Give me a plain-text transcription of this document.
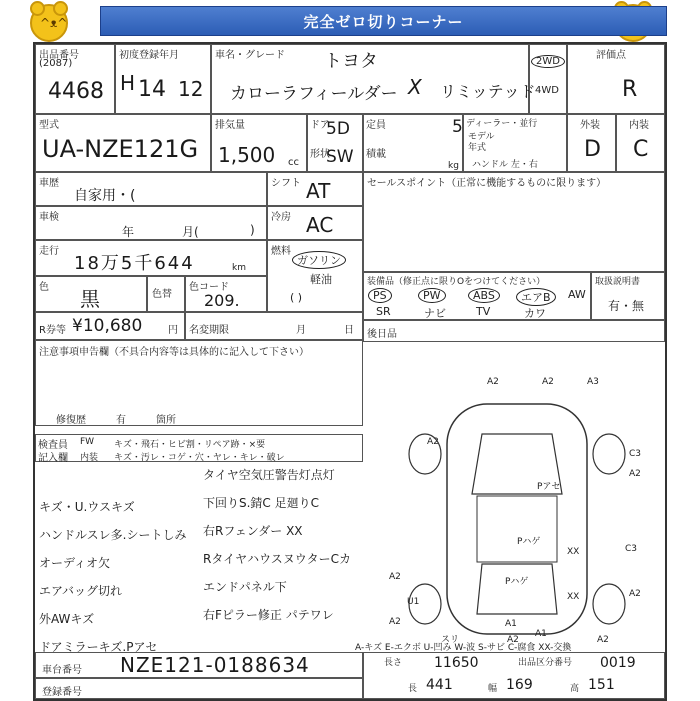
^ᴥ^	完全ゼロ切りコーナー
出品番号
(2087)
4468
初度登録年月
H 14 12
車名・グレード トヨタ
カローラフィールダー X リミッテッド
2WD
4WD
評価点
R
型式
UA-NZE121G
排気量
1,500 cc
ドア
5D
形状
SW
定員	5
積載
kg
ディーラー・並行
モデル
年式
ハンドル 左・右
外装
D
内装
C
車歴
自家用・(
シフト AT
車検
年	月(	)
冷房 AC
走行
18万5千644	km
燃料
ガソリン
軽油
( )
色 黒	色替
色コード
209.
R券等 ¥10,680	円 名変期限	月	日
セールスポイント（正常に機能するものに限ります）
装備品（修正点に限りOをつけてください）
PS	PW	ABS	エアB	AW
SR	ナビ	TV	カワ
取扱説明書
有・無
後日品
注意事項申告欄（不具合内容等は具体的に記入して下さい）
修復歴	有	箇所
検査員
記入欄
FW キズ・飛石・ヒビ割・リペア跡・×要
内装 キズ・汚レ・コゲ・穴・ヤレ・キレ・破レ
タイヤ空気圧警告灯点灯
下回りS.錆C 足廻りC
右Rフェンダー XX
RタイヤハウスヌウターCカ
エンドパネル下
右Fピラー修正 パテワレ
キズ・U.ウスキズ
ハンドルスレ多.シートしみ
オーディオ欠
エアバッグ切れ
外AWキズ
ドアミラーキズ.Pアセ
A2	A2	A3
A2
Pアセ
C3
A2
Pハゲ
XX	C3
A2
A2	Pハゲ
XX
A2
U1
A1
A1
A2	A2
スリ
A-キズ E-エクボ U-凹み W-波 S-サビ C-腐食 XX-交換
車台番号 NZE121-0188634
登録番号
長さ 11650	出品区分番号 0019
長 441	幅 169	高 151
